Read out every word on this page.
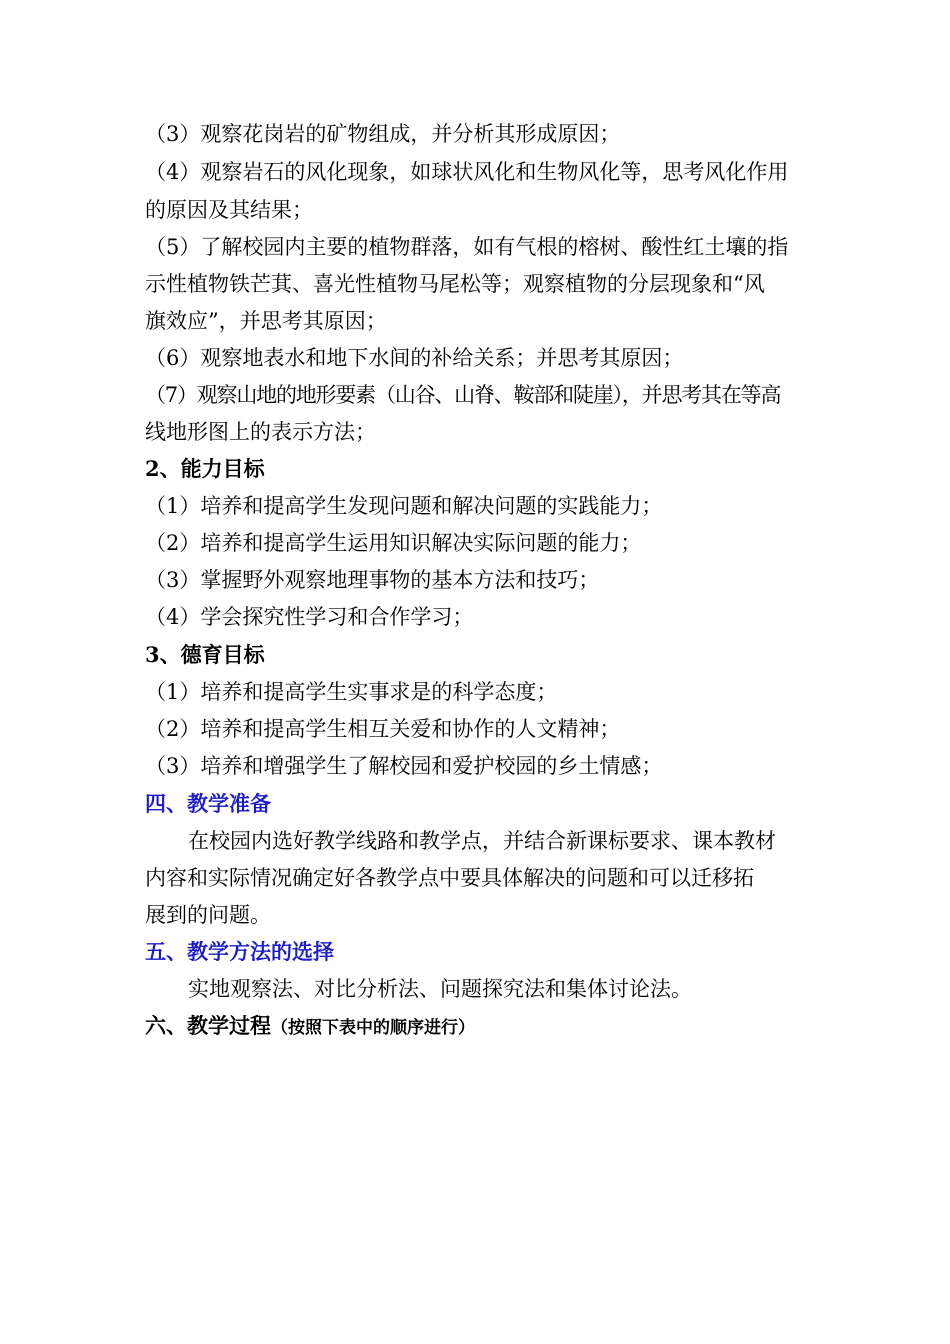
（3）观察花岗岩的矿物组成，并分析其形成原因；
（4）观察岩石的风化现象，如球状风化和生物风化等，思考风化作用
的原因及其结果；
（5）了解校园内主要的植物群落，如有气根的榕树、酸性红土壤的指
示性植物铁芒萁、喜光性植物马尾松等；观察植物的分层现象和“风
旗效应”，并思考其原因；
（6）观察地表水和地下水间的补给关系；并思考其原因；
（7）观察山地的地形要素（山谷、山脊、鞍部和陡崖），并思考其在等高
线地形图上的表示方法；
2、能力目标
（1）培养和提高学生发现问题和解决问题的实践能力；
（2）培养和提高学生运用知识解决实际问题的能力；
（3）掌握野外观察地理事物的基本方法和技巧；
（4）学会探究性学习和合作学习；
3、德育目标
（1）培养和提高学生实事求是的科学态度；
（2）培养和提高学生相互关爱和协作的人文精神；
（3）培养和增强学生了解校园和爱护校园的乡土情感；
四、教学准备
在校园内选好教学线路和教学点，并结合新课标要求、课本教材
内容和实际情况确定好各教学点中要具体解决的问题和可以迁移拓
展到的问题。
五、教学方法的选择
实地观察法、对比分析法、问题探究法和集体讨论法。
六、教学过程（按照下表中的顺序进行）
